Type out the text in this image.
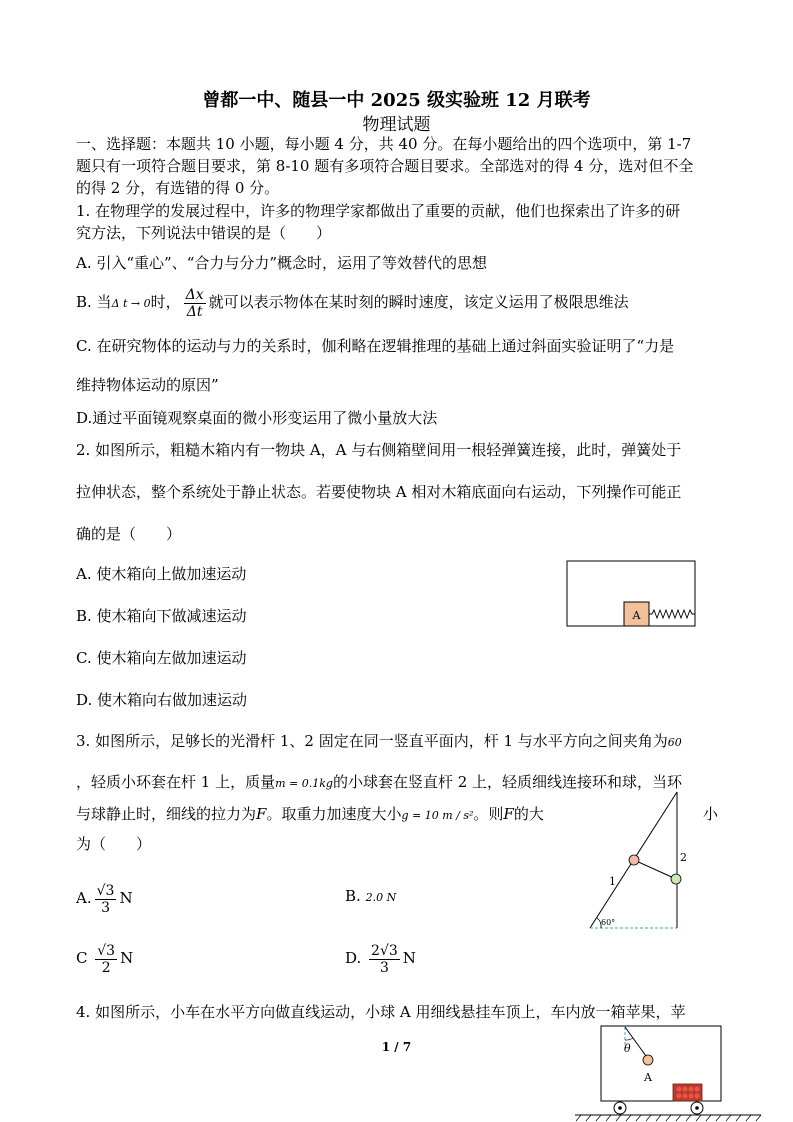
曾都一中、随县一中 2025 级实验班 12 月联考
物理试题
一、选择题：本题共 10 小题，每小题 4 分，共 40 分。在每小题给出的四个选项中，第 1-7
题只有一项符合题目要求，第 8-10 题有多项符合题目要求。全部选对的得 4 分，选对但不全
的得 2 分，有选错的得 0 分。
1. 在物理学的发展过程中，许多的物理学家都做出了重要的贡献，他们也探索出了许多的研
究方法，下列说法中错误的是（　　）
A. 引入“重心”、“合力与分力”概念时，运用了等效替代的思想
B. 当Δ t → 0时， $\frac{\Delta x}{\Delta t}$ 就可以表示物体在某时刻的瞬时速度，该定义运用了极限思维法
C. 在研究物体的运动与力的关系时，伽利略在逻辑推理的基础上通过斜面实验证明了“力是
维持物体运动的原因”
D.通过平面镜观察桌面的微小形变运用了微小量放大法
2. 如图所示，粗糙木箱内有一物块 A，A 与右侧箱壁间用一根轻弹簧连接，此时，弹簧处于
拉伸状态，整个系统处于静止状态。若要使物块 A 相对木箱底面向右运动，下列操作可能正
确的是（　　）
A. 使木箱向上做加速运动
B. 使木箱向下做减速运动
C. 使木箱向左做加速运动
D. 使木箱向右做加速运动
A
3. 如图所示，足够长的光滑杆 1、2 固定在同一竖直平面内，杆 1 与水平方向之间夹角为60
，轻质小环套在杆 1 上，质量m = 0.1kg的小球套在竖直杆 2 上，轻质细线连接环和球，当环
与球静止时，细线的拉力为F。取重力加速度大小g = 10 m / s²。则F的大	小
为（　　）
A. $\frac{√3}{3}$ N	B. 2.0 N
C $\frac{√3}{2}$ N	D. $\frac{2√3}{3}$ N
1
2
60°
4. 如图所示，小车在水平方向做直线运动，小球 A 用细线悬挂车顶上，车内放一箱苹果，苹
θ
A
1 / 7
